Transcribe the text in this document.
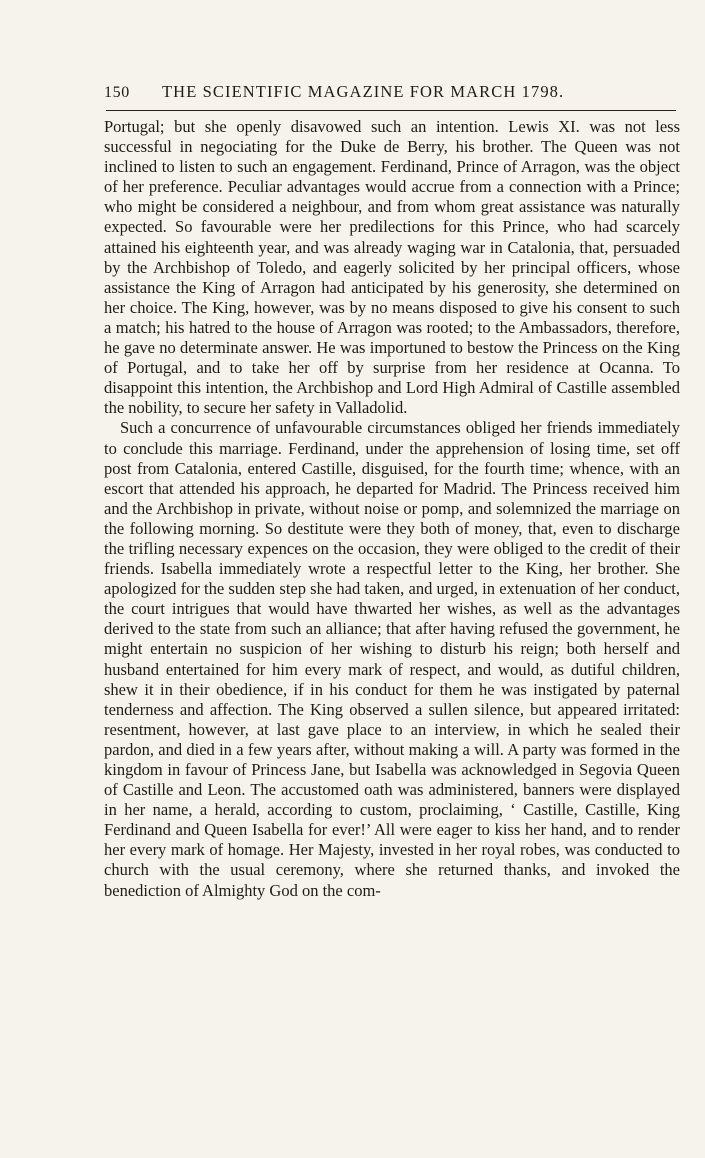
150 THE SCIENTIFIC MAGAZINE FOR MARCH 1798.

Portugal; but she openly disavowed such an intention. Lewis XI. was not less successful in negociating for the Duke de Berry, his brother. The Queen was not inclined to listen to such an engagement. Ferdinand, Prince of Arragon, was the object of her preference. Peculiar advantages would accrue from a connection with a Prince; who might be considered a neighbour, and from whom great assistance was naturally expected. So favourable were her predilections for this Prince, who had scarcely attained his eighteenth year, and was already waging war in Catalonia, that, persuaded by the Archbishop of Toledo, and eagerly solicited by her principal officers, whose assistance the King of Arragon had anticipated by his generosity, she determined on her choice. The King, however, was by no means disposed to give his consent to such a match; his hatred to the house of Arragon was rooted; to the Ambassadors, therefore, he gave no determinate answer. He was importuned to bestow the Princess on the King of Portugal, and to take her off by surprise from her residence at Ocanna. To disappoint this intention, the Archbishop and Lord High Admiral of Castille assembled the nobility, to secure her safety in Valladolid.

Such a concurrence of unfavourable circumstances obliged her friends immediately to conclude this marriage. Ferdinand, under the apprehension of losing time, set off post from Catalonia, entered Castille, disguised, for the fourth time; whence, with an escort that attended his approach, he departed for Madrid. The Princess received him and the Archbishop in private, without noise or pomp, and solemnized the marriage on the following morning. So destitute were they both of money, that, even to discharge the trifling necessary expences on the occasion, they were obliged to the credit of their friends. Isabella immediately wrote a respectful letter to the King, her brother. She apologized for the sudden step she had taken, and urged, in extenuation of her conduct, the court intrigues that would have thwarted her wishes, as well as the advantages derived to the state from such an alliance; that after having refused the government, he might entertain no suspicion of her wishing to disturb his reign; both herself and husband entertained for him every mark of respect, and would, as dutiful children, shew it in their obedience, if in his conduct for them he was instigated by paternal tenderness and affection. The King observed a sullen silence, but appeared irritated: resentment, however, at last gave place to an interview, in which he sealed their pardon, and died in a few years after, without making a will. A party was formed in the kingdom in favour of Princess Jane, but Isabella was acknowledged in Segovia Queen of Castille and Leon. The accustomed oath was administered, banners were displayed in her name, a herald, according to custom, proclaiming, ‘ Castille, Castille, King Ferdinand and Queen Isabella for ever!’ All were eager to kiss her hand, and to render her every mark of homage. Her Majesty, invested in her royal robes, was conducted to church with the usual ceremony, where she returned thanks, and invoked the benediction of Almighty God on the com-
